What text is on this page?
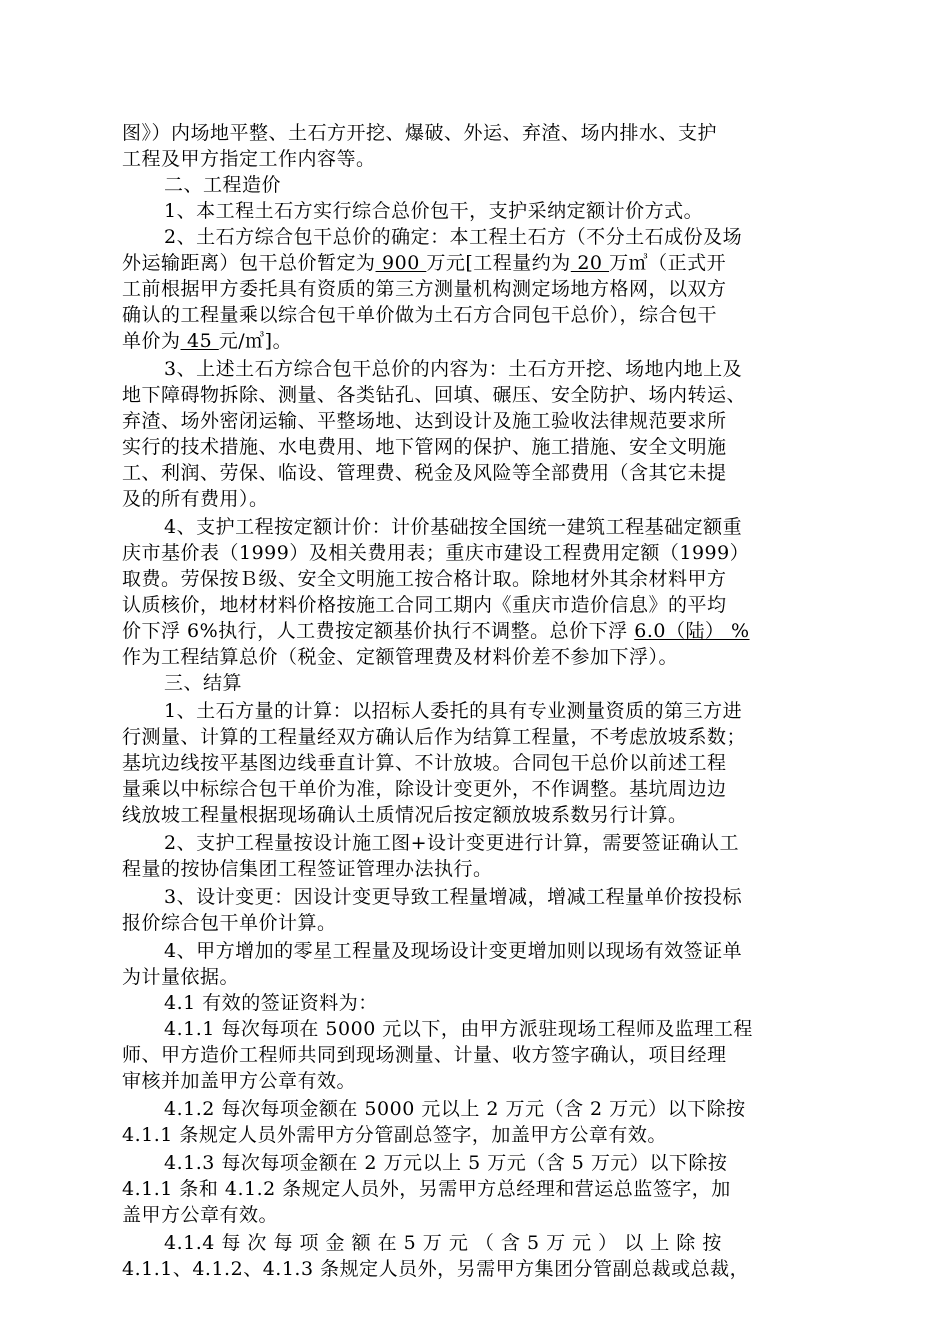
图》）内场地平整、土石方开挖、爆破、外运、弃渣、场内排水、支护
工程及甲方指定工作内容等。

二、工程造价

1、本工程土石方实行综合总价包干，支护采纳定额计价方式。

2、土石方综合包干总价的确定：本工程土石方（不分土石成份及场
外运输距离）包干总价暂定为 900 万元[工程量约为 20 万㎥（正式开
工前根据甲方委托具有资质的第三方测量机构测定场地方格网，以双方
确认的工程量乘以综合包干单价做为土石方合同包干总价），综合包干
单价为 45 元/㎥]。

3、上述土石方综合包干总价的内容为：土石方开挖、场地内地上及
地下障碍物拆除、测量、各类钻孔、回填、碾压、安全防护、场内转运、
弃渣、场外密闭运输、平整场地、达到设计及施工验收法律规范要求所
实行的技术措施、水电费用、地下管网的保护、施工措施、安全文明施
工、利润、劳保、临设、管理费、税金及风险等全部费用（含其它未提
及的所有费用）。

4、支护工程按定额计价：计价基础按全国统一建筑工程基础定额重
庆市基价表（1999）及相关费用表；重庆市建设工程费用定额（1999）
取费。劳保按Ｂ级、安全文明施工按合格计取。除地材外其余材料甲方
认质核价，地材材料价格按施工合同工期内《重庆市造价信息》的平均
价下浮 6%执行，人工费按定额基价执行不调整。总价下浮 6.0（陆） %
作为工程结算总价（税金、定额管理费及材料价差不参加下浮）。

三、结算

1、土石方量的计算：以招标人委托的具有专业测量资质的第三方进
行测量、计算的工程量经双方确认后作为结算工程量，不考虑放坡系数；
基坑边线按平基图边线垂直计算、不计放坡。合同包干总价以前述工程
量乘以中标综合包干单价为准，除设计变更外，不作调整。基坑周边边
线放坡工程量根据现场确认土质情况后按定额放坡系数另行计算。

2、支护工程量按设计施工图+设计变更进行计算，需要签证确认工
程量的按协信集团工程签证管理办法执行。

3、设计变更：因设计变更导致工程量增减，增减工程量单价按投标
报价综合包干单价计算。

4、甲方增加的零星工程量及现场设计变更增加则以现场有效签证单
为计量依据。

4.1 有效的签证资料为：

4.1.1 每次每项在 5000 元以下，由甲方派驻现场工程师及监理工程
师、甲方造价工程师共同到现场测量、计量、收方签字确认，项目经理
审核并加盖甲方公章有效。

4.1.2 每次每项金额在 5000 元以上 2 万元（含 2 万元）以下除按
4.1.1 条规定人员外需甲方分管副总签字，加盖甲方公章有效。

4.1.3 每次每项金额在 2 万元以上 5 万元（含 5 万元）以下除按
4.1.1 条和 4.1.2 条规定人员外，另需甲方总经理和营运总监签字，加
盖甲方公章有效。

4.1.4 每 次 每 项 金 额 在 5 万 元 （ 含 5 万 元 ） 以 上 除 按
4.1.1、4.1.2、4.1.3 条规定人员外，另需甲方集团分管副总裁或总裁，
